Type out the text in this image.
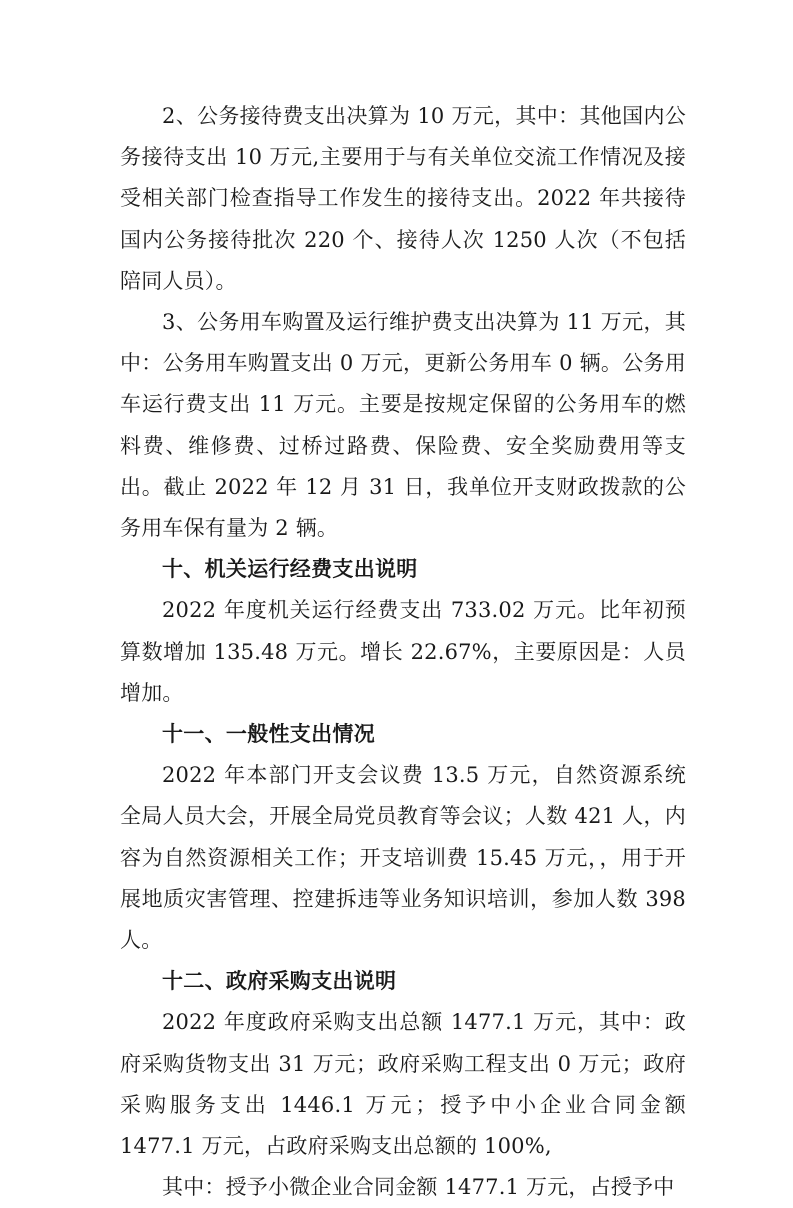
2、公务接待费支出决算为 10 万元，其中：其他国内公务接待支出 10 万元,主要用于与有关单位交流工作情况及接受相关部门检查指导工作发生的接待支出。2022 年共接待国内公务接待批次 220 个、接待人次 1250 人次（不包括陪同人员）。

3、公务用车购置及运行维护费支出决算为 11 万元，其中：公务用车购置支出 0 万元，更新公务用车 0 辆。公务用车运行费支出 11 万元。主要是按规定保留的公务用车的燃料费、维修费、过桥过路费、保险费、安全奖励费用等支出。截止 2022 年 12 月 31 日，我单位开支财政拨款的公务用车保有量为 2 辆。

十、机关运行经费支出说明

2022 年度机关运行经费支出 733.02 万元。比年初预算数增加 135.48 万元。增长 22.67%，主要原因是：人员增加。

十一、一般性支出情况

2022 年本部门开支会议费 13.5 万元，自然资源系统全局人员大会，开展全局党员教育等会议；人数 421 人，内容为自然资源相关工作；开支培训费 15.45 万元，，用于开展地质灾害管理、控建拆违等业务知识培训，参加人数 398 人。

十二、政府采购支出说明

2022 年度政府采购支出总额 1477.1 万元，其中：政府采购货物支出 31 万元；政府采购工程支出 0 万元；政府采购服务支出 1446.1 万元；授予中小企业合同金额 1477.1 万元，占政府采购支出总额的 100%,

其中：授予小微企业合同金额 1477.1 万元，占授予中
